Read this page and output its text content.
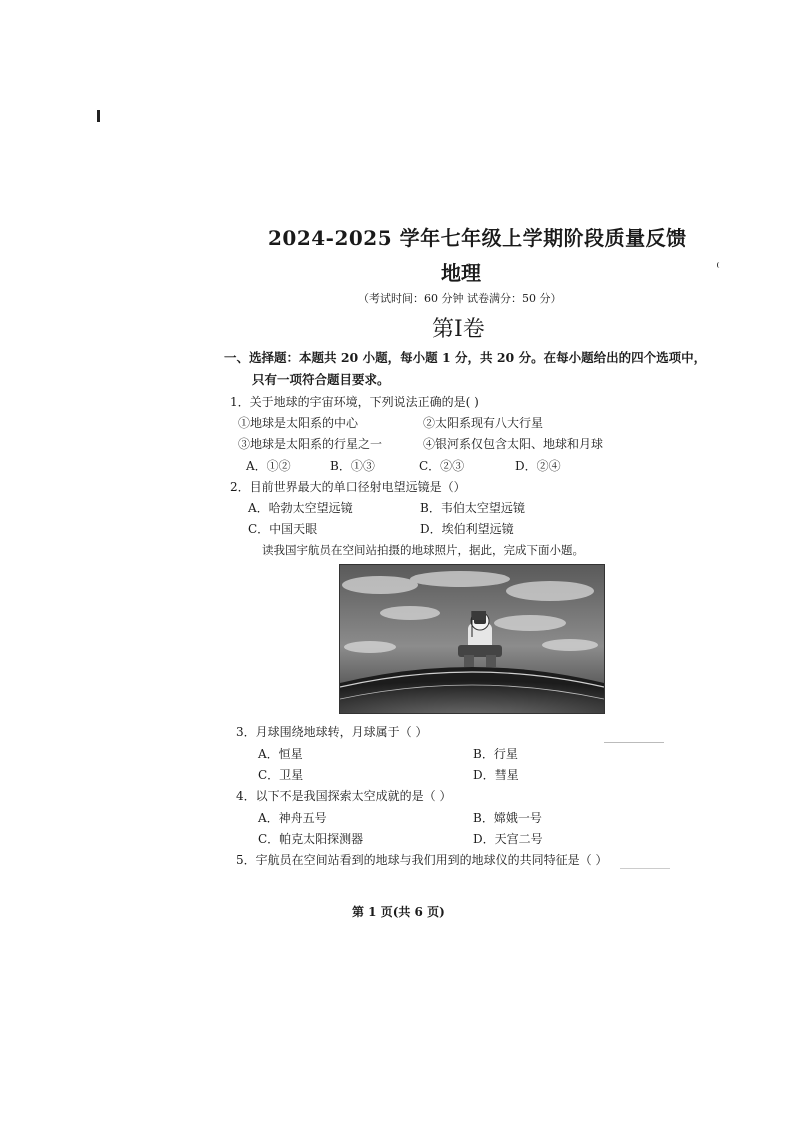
2024-2025 学年七年级上学期阶段质量反馈
地理
（考试时间：60 分钟 试卷满分：50 分）
第Ⅰ卷
一、选择题：本题共 20 小题，每小题 1 分，共 20 分。在每小题给出的四个选项中，
只有一项符合题目要求。
1．关于地球的宇宙环境，下列说法正确的是( )
①地球是太阳系的中心	②太阳系现有八大行星
③地球是太阳系的行星之一	④银河系仅包含太阳、地球和月球
A．①②	B．①③	C．②③	D．②④
2．目前世界最大的单口径射电望远镜是（）
A．哈勃太空望远镜	B．韦伯太空望远镜
C．中国天眼	D．埃伯利望远镜
读我国宇航员在空间站拍摄的地球照片，据此，完成下面小题。
3．月球围绕地球转，月球属于（ ）
A．恒星	B．行星
C．卫星	D．彗星
4．以下不是我国探索太空成就的是（ ）
A．神舟五号	B．嫦娥一号
C．帕克太阳探测器	D．天宫二号
5．宇航员在空间站看到的地球与我们用到的地球仪的共同特征是（ ）
第 1 页(共 6 页)
